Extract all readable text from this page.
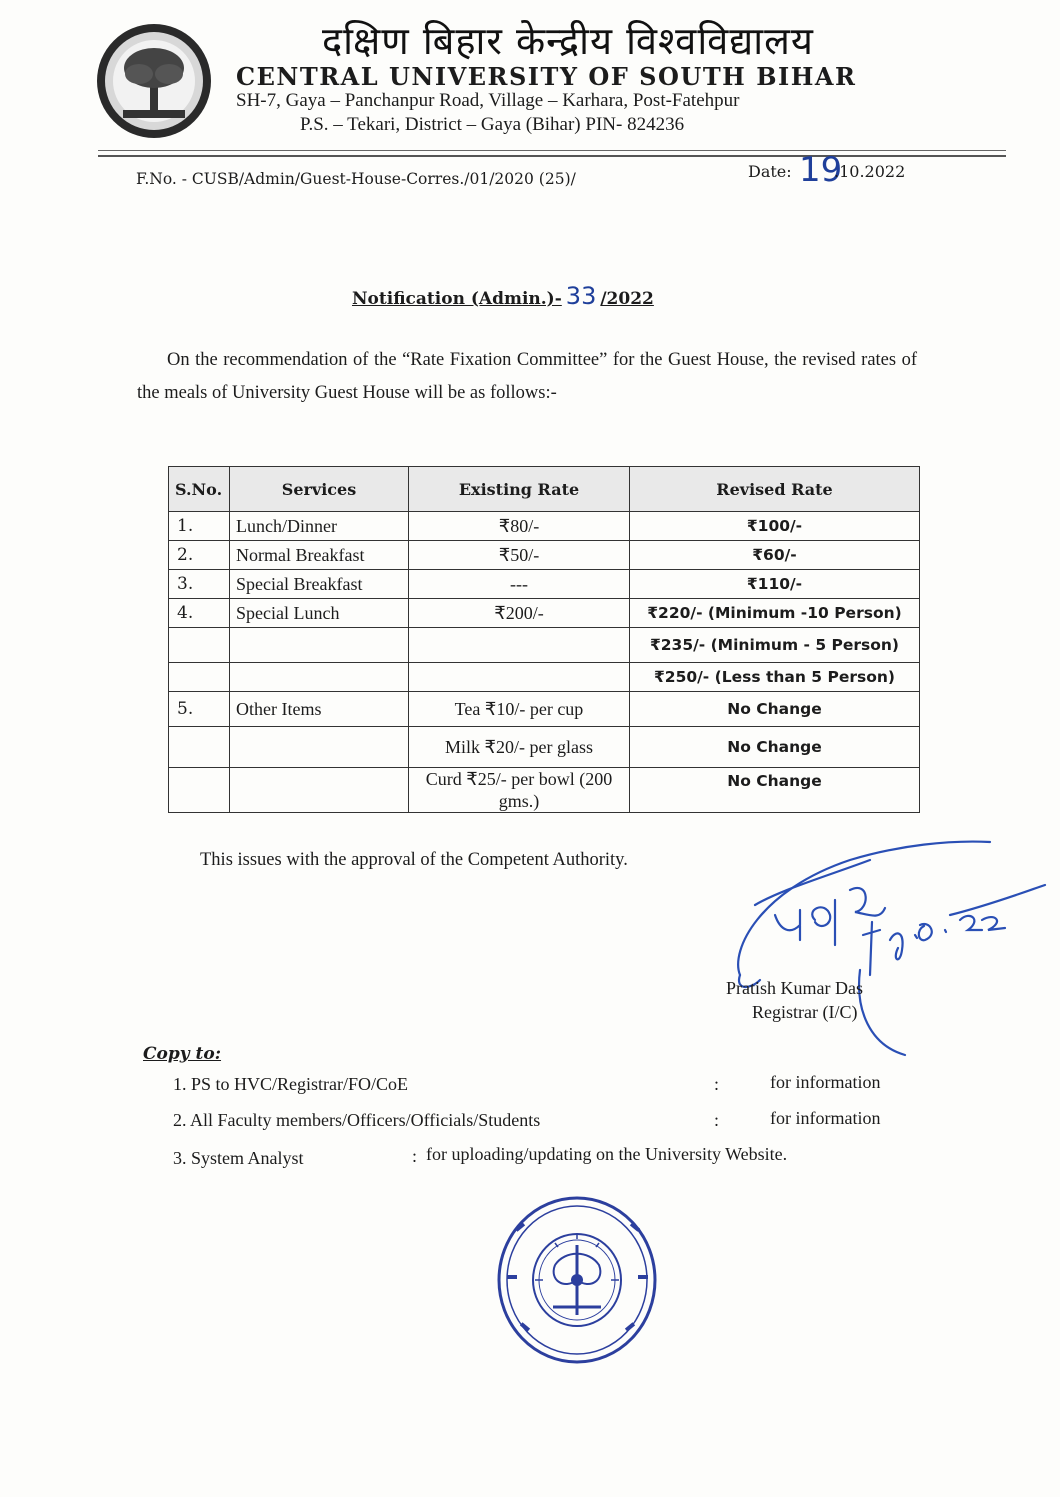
दक्षिण बिहार केन्द्रीय विश्वविद्यालय
CENTRAL UNIVERSITY OF SOUTH BIHAR
SH-7, Gaya – Panchanpur Road, Village – Karhara, Post-Fatehpur
P.S. – Tekari, District – Gaya (Bihar) PIN- 824236
F.No. - CUSB/Admin/Guest-House-Corres./01/2020 (25)/	Date: 19
.10.2022
Notification (Admin.)- 33 /2022
On the recommendation of the “Rate Fixation Committee” for the Guest House, the revised rates of the meals of University Guest House will be as follows:-
S.No.	Services	Existing Rate	Revised Rate
1.	Lunch/Dinner	₹80/-	₹100/-
2.	Normal Breakfast	₹50/-	₹60/-
3.	Special Breakfast	---	₹110/-
4.	Special Lunch	₹200/-	₹220/- (Minimum -10 Person)
			₹235/- (Minimum - 5 Person)
			₹250/- (Less than 5 Person)
5.	Other Items	Tea ₹10/- per cup	No Change
		Milk ₹20/- per glass	No Change
		Curd ₹25/- per bowl (200 gms.)	No Change
This issues with the approval of the Competent Authority.
Pratish Kumar Das
Registrar (I/C)
Copy to:
1. PS to HVC/Registrar/FO/CoE	:	for information
2. All Faculty members/Officers/Officials/Students	:	for information
3. System Analyst	: for uploading/updating on the University Website.
